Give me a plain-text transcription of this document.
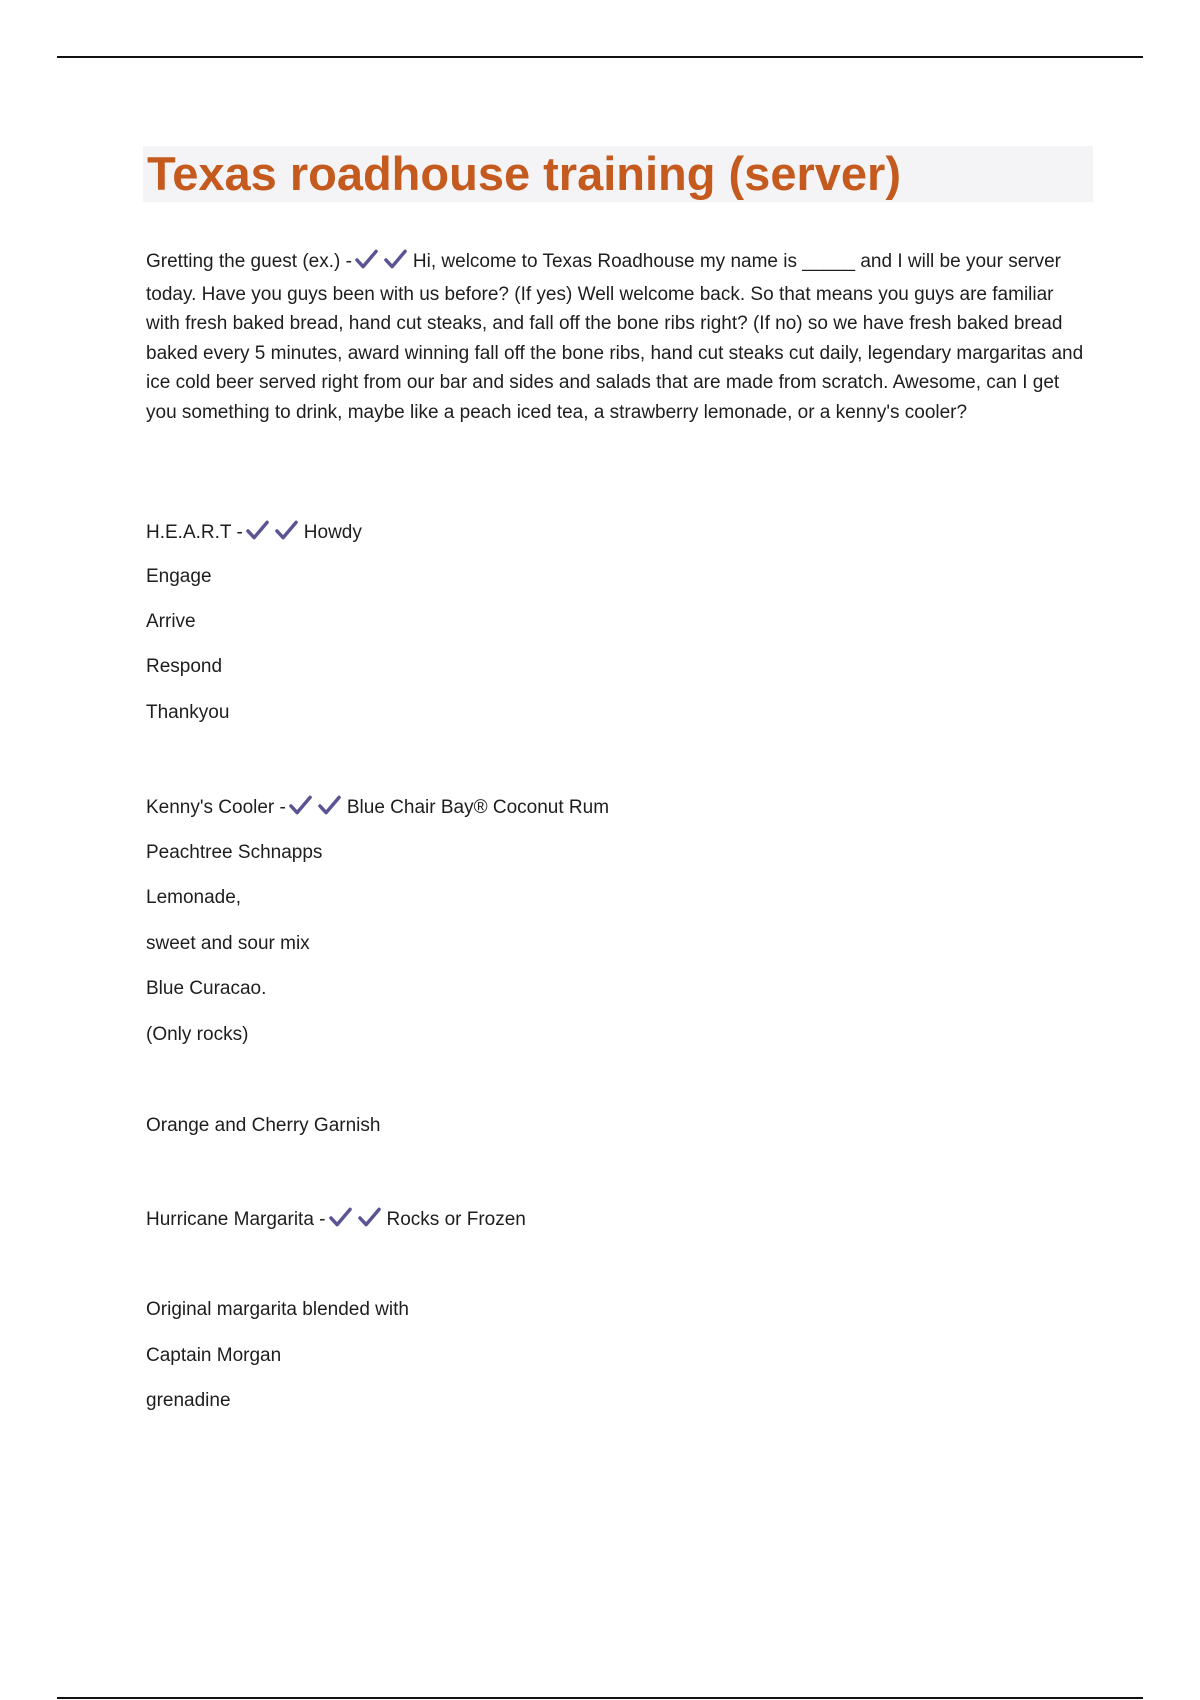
Texas roadhouse training (server)

Gretting the guest (ex.) -	Hi, welcome to Texas Roadhouse my name is _____ and I will be your server today. Have you guys been with us before? (If yes) Well welcome back. So that means you guys are familiar with fresh baked bread, hand cut steaks, and fall off the bone ribs right? (If no) so we have fresh baked bread baked every 5 minutes, award winning fall off the bone ribs, hand cut steaks cut daily, legendary margaritas and ice cold beer served right from our bar and sides and salads that are made from scratch. Awesome, can I get you something to drink, maybe like a peach iced tea, a strawberry lemonade, or a kenny's cooler?

H.E.A.R.T -	Howdy

Engage

Arrive

Respond

Thankyou

Kenny's Cooler -	Blue Chair Bay® Coconut Rum

Peachtree Schnapps

Lemonade,

sweet and sour mix

Blue Curacao.

(Only rocks)

Orange and Cherry Garnish

Hurricane Margarita -	Rocks or Frozen

Original margarita blended with

Captain Morgan

grenadine
